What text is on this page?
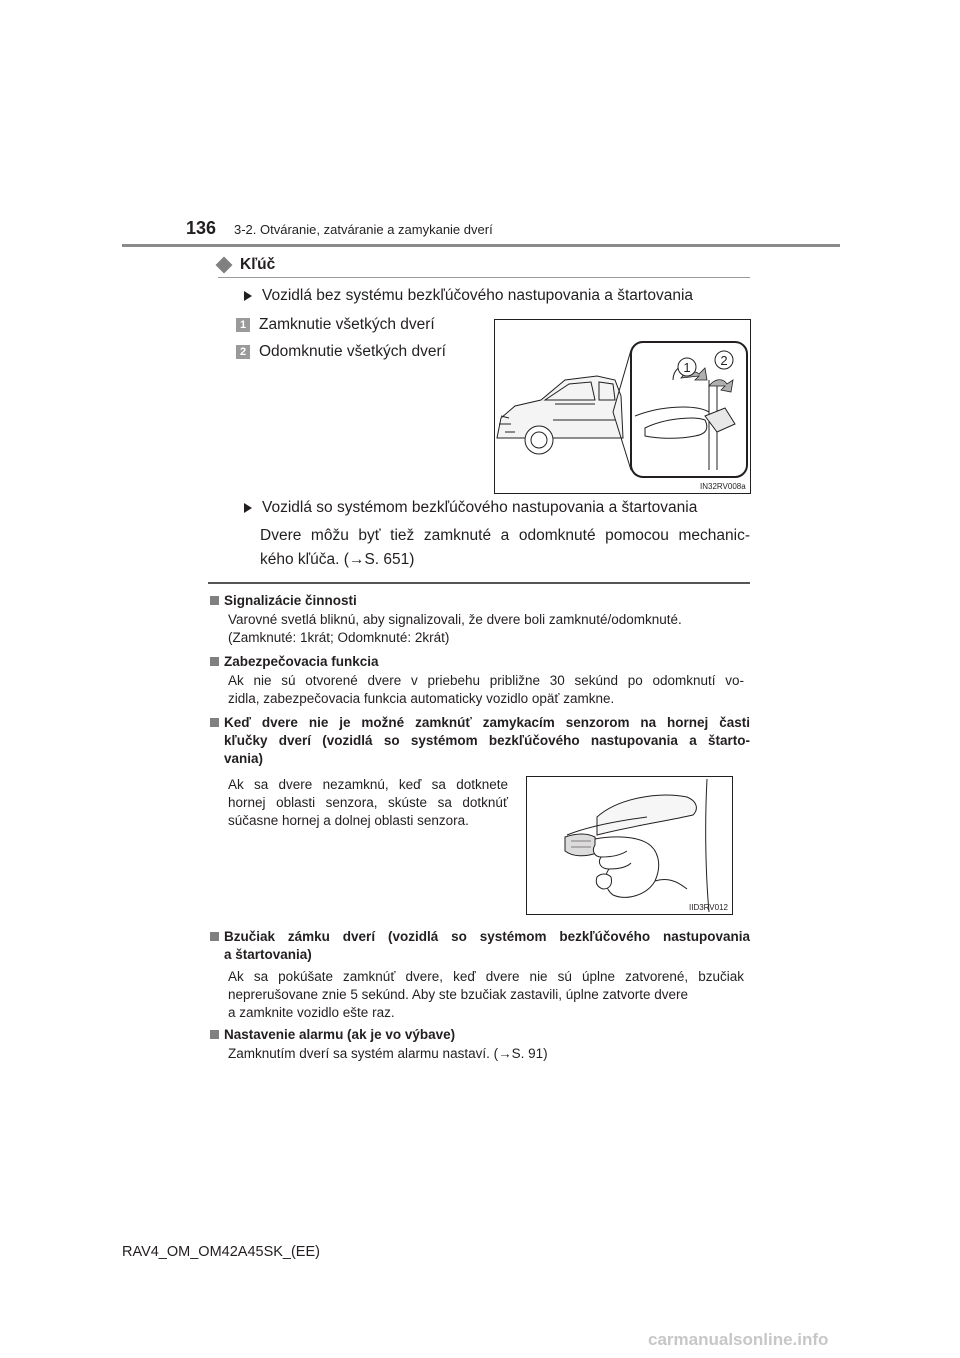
136 3-2. Otváranie, zatváranie a zamykanie dverí
Kľúč
Vozidlá bez systému bezkľúčového nastupovania a štartovania
1 Zamknutie všetkých dverí
2 Odomknutie všetkých dverí
1 2
IN32RV008a
Vozidlá so systémom bezkľúčového nastupovania a štartovania
Dvere môžu byť tiež zamknuté a odomknuté pomocou mechanic-
kého kľúča. (→S. 651)
Signalizácie činnosti
Varovné svetlá bliknú, aby signalizovali, že dvere boli zamknuté/odomknuté.
(Zamknuté: 1krát; Odomknuté: 2krát)
Zabezpečovacia funkcia
Ak nie sú otvorené dvere v priebehu približne 30 sekúnd po odomknutí vo-
zidla, zabezpečovacia funkcia automaticky vozidlo opäť zamkne.
Keď dvere nie je možné zamknúť zamykacím senzorom na hornej časti
kľučky dverí (vozidlá so systémom bezkľúčového nastupovania a štarto-
vania)
Ak sa dvere nezamknú, keď sa dotknete
hornej oblasti senzora, skúste sa dotknúť
súčasne hornej a dolnej oblasti senzora.
IID3RV012
Bzučiak zámku dverí (vozidlá so systémom bezkľúčového nastupovania
a štartovania)
Ak sa pokúšate zamknúť dvere, keď dvere nie sú úplne zatvorené, bzučiak
neprerušovane znie 5 sekúnd. Aby ste bzučiak zastavili, úplne zatvorte dvere
a zamknite vozidlo ešte raz.
Nastavenie alarmu (ak je vo výbave)
Zamknutím dverí sa systém alarmu nastaví. (→S. 91)
RAV4_OM_OM42A45SK_(EE)
carmanualsonline.info
